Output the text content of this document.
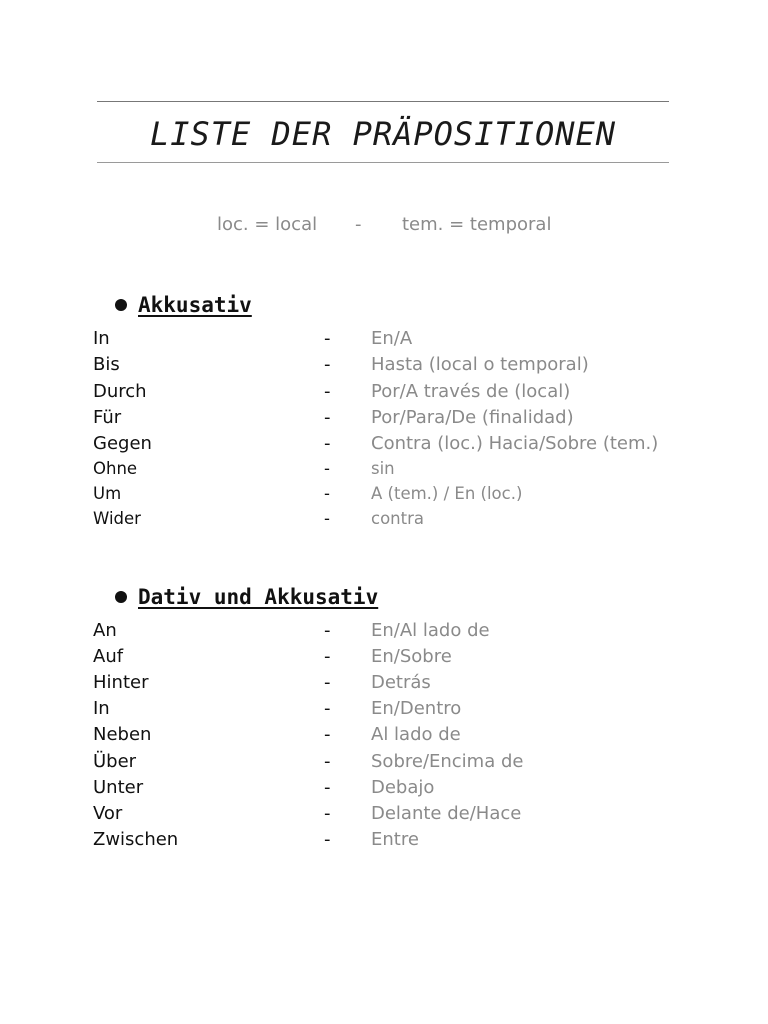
LISTE DER PRÄPOSITIONEN
loc. = local - tem. = temporal
Akkusativ
In	- En/A
Bis	- Hasta (local o temporal)
Durch	- Por/A través de (local)
Für	- Por/Para/De (finalidad)
Gegen	- Contra (loc.) Hacia/Sobre (tem.)
Ohne	- sin
Um	- A (tem.) / En (loc.)
Wider	- contra
Dativ und Akkusativ
An	- En/Al lado de
Auf	- En/Sobre
Hinter	- Detrás
In	- En/Dentro
Neben	- Al lado de
Über	- Sobre/Encima de
Unter	- Debajo
Vor	- Delante de/Hace
Zwischen	- Entre
